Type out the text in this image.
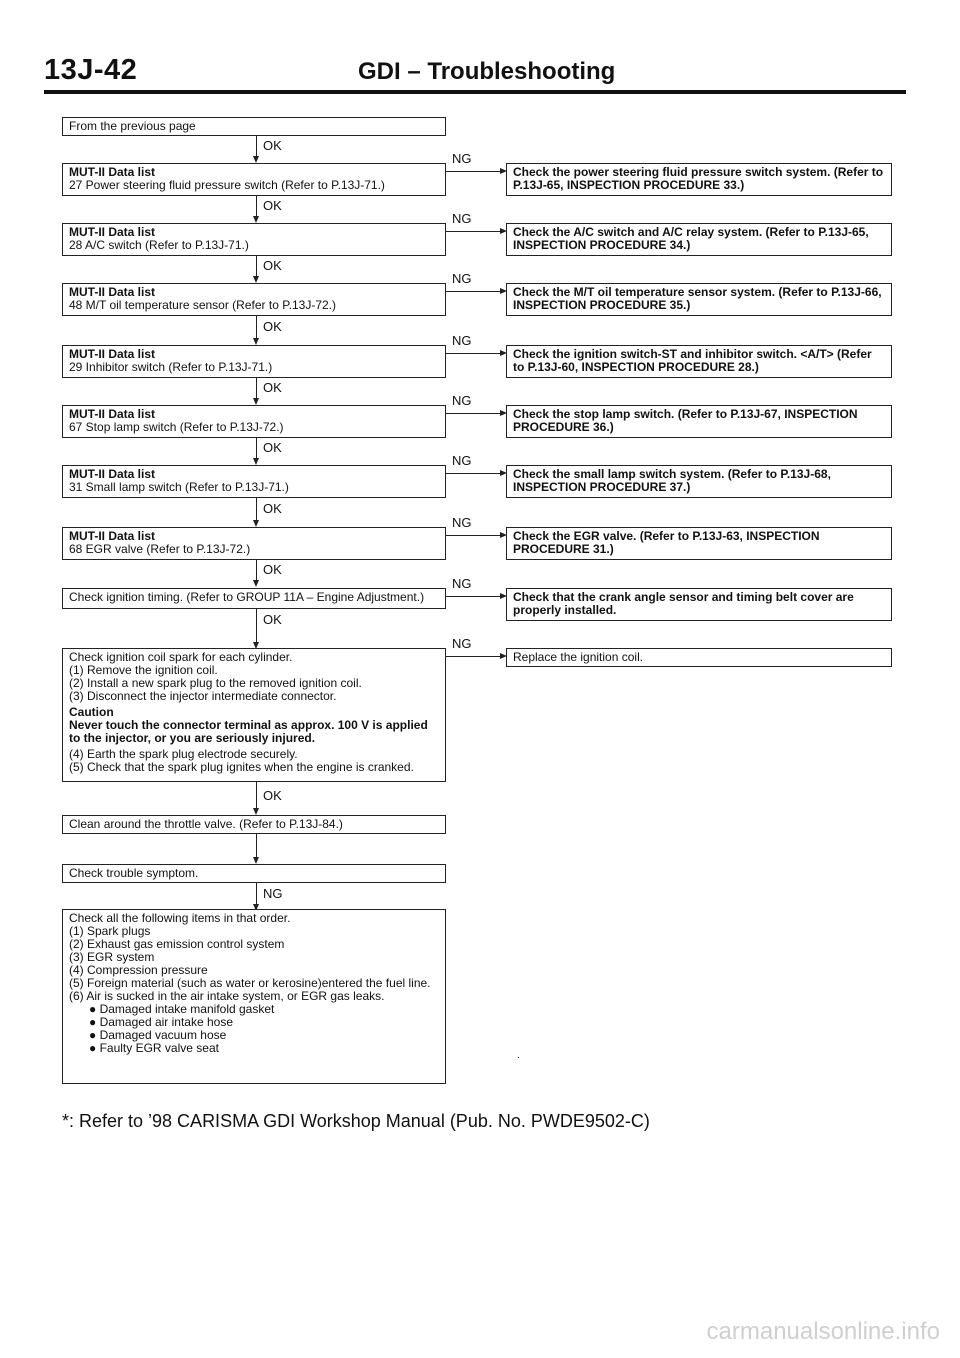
13J-42	GDI – Troubleshooting
From the previous page
OK
MUT-II Data list
27 Power steering fluid pressure switch (Refer to P.13J-71.)
NG
Check the power steering fluid pressure switch system. (Refer to P.13J-65, INSPECTION PROCEDURE 33.)
OK
MUT-II Data list
28 A/C switch (Refer to P.13J-71.)
NG
Check the A/C switch and A/C relay system. (Refer to P.13J-65, INSPECTION PROCEDURE 34.)
OK
MUT-II Data list
48 M/T oil temperature sensor (Refer to P.13J-72.)
NG
Check the M/T oil temperature sensor system. (Refer to P.13J-66, INSPECTION PROCEDURE 35.)
OK
MUT-II Data list
29 Inhibitor switch (Refer to P.13J-71.)
NG
Check the ignition switch-ST and inhibitor switch. <A/T> (Refer to P.13J-60, INSPECTION PROCEDURE 28.)
OK
MUT-II Data list
67 Stop lamp switch (Refer to P.13J-72.)
NG
Check the stop lamp switch. (Refer to P.13J-67, INSPECTION PROCEDURE 36.)
OK
MUT-II Data list
31 Small lamp switch (Refer to P.13J-71.)
NG
Check the small lamp switch system. (Refer to P.13J-68, INSPECTION PROCEDURE 37.)
OK
MUT-II Data list
68 EGR valve (Refer to P.13J-72.)
NG
Check the EGR valve. (Refer to P.13J-63, INSPECTION PROCEDURE 31.)
OK
Check ignition timing. (Refer to GROUP 11A – Engine Adjustment.)
NG
Check that the crank angle sensor and timing belt cover are properly installed.
OK
Check ignition coil spark for each cylinder.
(1) Remove the ignition coil.
(2) Install a new spark plug to the removed ignition coil.
(3) Disconnect the injector intermediate connector.
Caution
Never touch the connector terminal as approx. 100 V is applied to the injector, or you are seriously injured.
(4) Earth the spark plug electrode securely.
(5) Check that the spark plug ignites when the engine is cranked.
NG
Replace the ignition coil.
OK
Clean around the throttle valve. (Refer to P.13J-84.)
Check trouble symptom.
NG
Check all the following items in that order.
(1) Spark plugs
(2) Exhaust gas emission control system
(3) EGR system
(4) Compression pressure
(5) Foreign material (such as water or kerosine)entered the fuel line.
(6) Air is sucked in the air intake system, or EGR gas leaks.
● Damaged intake manifold gasket
● Damaged air intake hose
● Damaged vacuum hose
● Faulty EGR valve seat
.
*: Refer to ’98 CARISMA GDI Workshop Manual (Pub. No. PWDE9502-C)
carmanualsonline.info
